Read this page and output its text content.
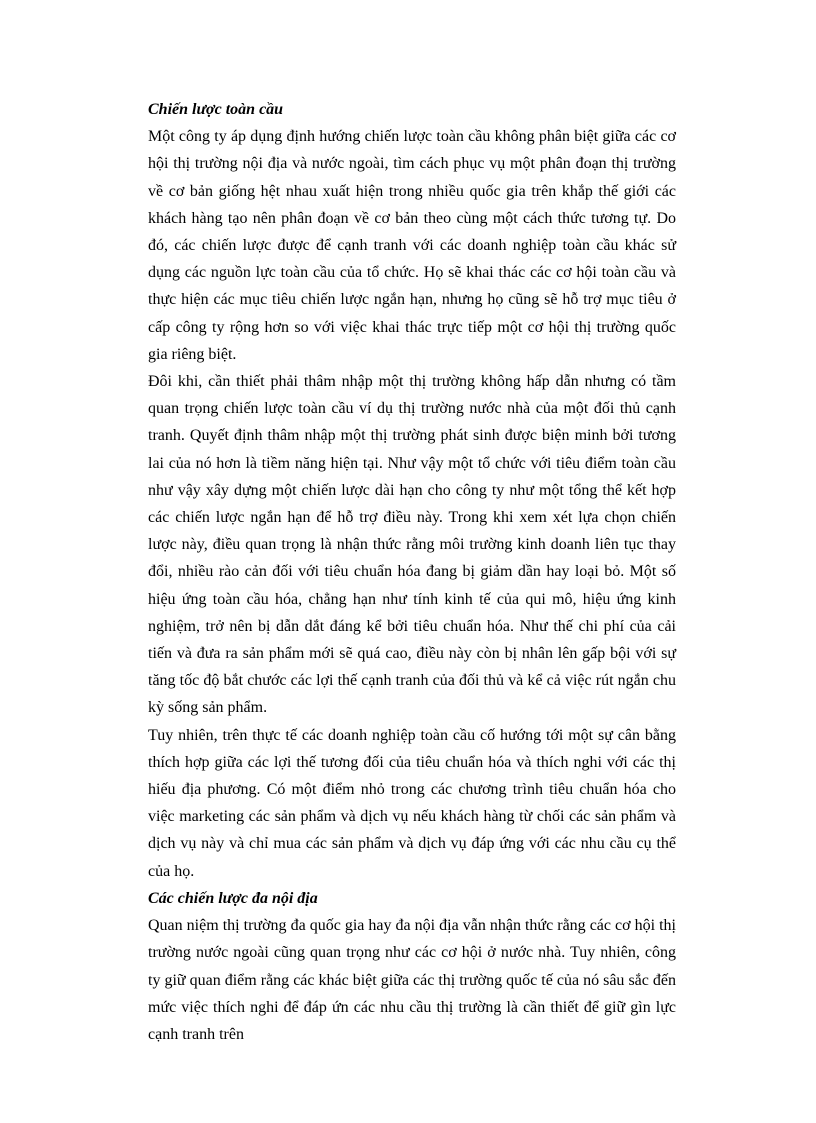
Chiến lược toàn cầu

Một công ty áp dụng định hướng chiến lược toàn cầu không phân biệt giữa các cơ hội thị trường nội địa và nước ngoài, tìm cách phục vụ một phân đoạn thị trường về cơ bản giống hệt nhau xuất hiện trong nhiều quốc gia trên khắp thế giới các khách hàng tạo nên phân đoạn về cơ bản theo cùng một cách thức tương tự. Do đó, các chiến lược được để cạnh tranh với các doanh nghiệp toàn cầu khác sử dụng các nguồn lực toàn cầu của tổ chức. Họ sẽ khai thác các cơ hội toàn cầu và thực hiện các mục tiêu chiến lược ngắn hạn, nhưng họ cũng sẽ hỗ trợ mục tiêu ở cấp công ty rộng hơn so với việc khai thác trực tiếp một cơ hội thị trường quốc gia riêng biệt.

Đôi khi, cần thiết phải thâm nhập một thị trường không hấp dẫn nhưng có tầm quan trọng chiến lược toàn cầu ví dụ thị trường nước nhà của một đối thủ cạnh tranh. Quyết định thâm nhập một thị trường phát sinh được biện minh bởi tương lai của nó hơn là tiềm năng hiện tại. Như vậy một tổ chức với tiêu điểm toàn cầu như vậy xây dựng một chiến lược dài hạn cho công ty như một tổng thể kết hợp các chiến lược ngắn hạn để hỗ trợ điều này. Trong khi xem xét lựa chọn chiến lược này, điều quan trọng là nhận thức rằng môi trường kinh doanh liên tục thay đổi, nhiều rào cản đối với tiêu chuẩn hóa đang bị giảm dần hay loại bỏ. Một số hiệu ứng toàn cầu hóa, chẳng hạn như tính kinh tế của qui mô, hiệu ứng kinh nghiệm, trở nên bị dẫn dắt đáng kể bởi tiêu chuẩn hóa. Như thế chi phí của cải tiến và đưa ra sản phẩm mới sẽ quá cao, điều này còn bị nhân lên gấp bội với sự tăng tốc độ bắt chước các lợi thế cạnh tranh của đối thủ và kể cả việc rút ngắn chu kỳ sống sản phẩm.

Tuy nhiên, trên thực tế các doanh nghiệp toàn cầu cố hướng tới một sự cân bằng thích hợp giữa các lợi thế tương đối của tiêu chuẩn hóa và thích nghi với các thị hiếu địa phương. Có một điểm nhỏ trong các chương trình tiêu chuẩn hóa cho việc marketing các sản phẩm và dịch vụ nếu khách hàng từ chối các sản phẩm và dịch vụ này và chỉ mua các sản phẩm và dịch vụ đáp ứng với các nhu cầu cụ thể của họ.

Các chiến lược đa nội địa

Quan niệm thị trường đa quốc gia hay đa nội địa vẫn nhận thức rằng các cơ hội thị trường nước ngoài cũng quan trọng như các cơ hội ở nước nhà. Tuy nhiên, công ty giữ quan điểm rằng các khác biệt giữa các thị trường quốc tế của nó sâu sắc đến mức việc thích nghi để đáp ứn các nhu cầu thị trường là cần thiết để giữ gìn lực cạnh tranh trên
